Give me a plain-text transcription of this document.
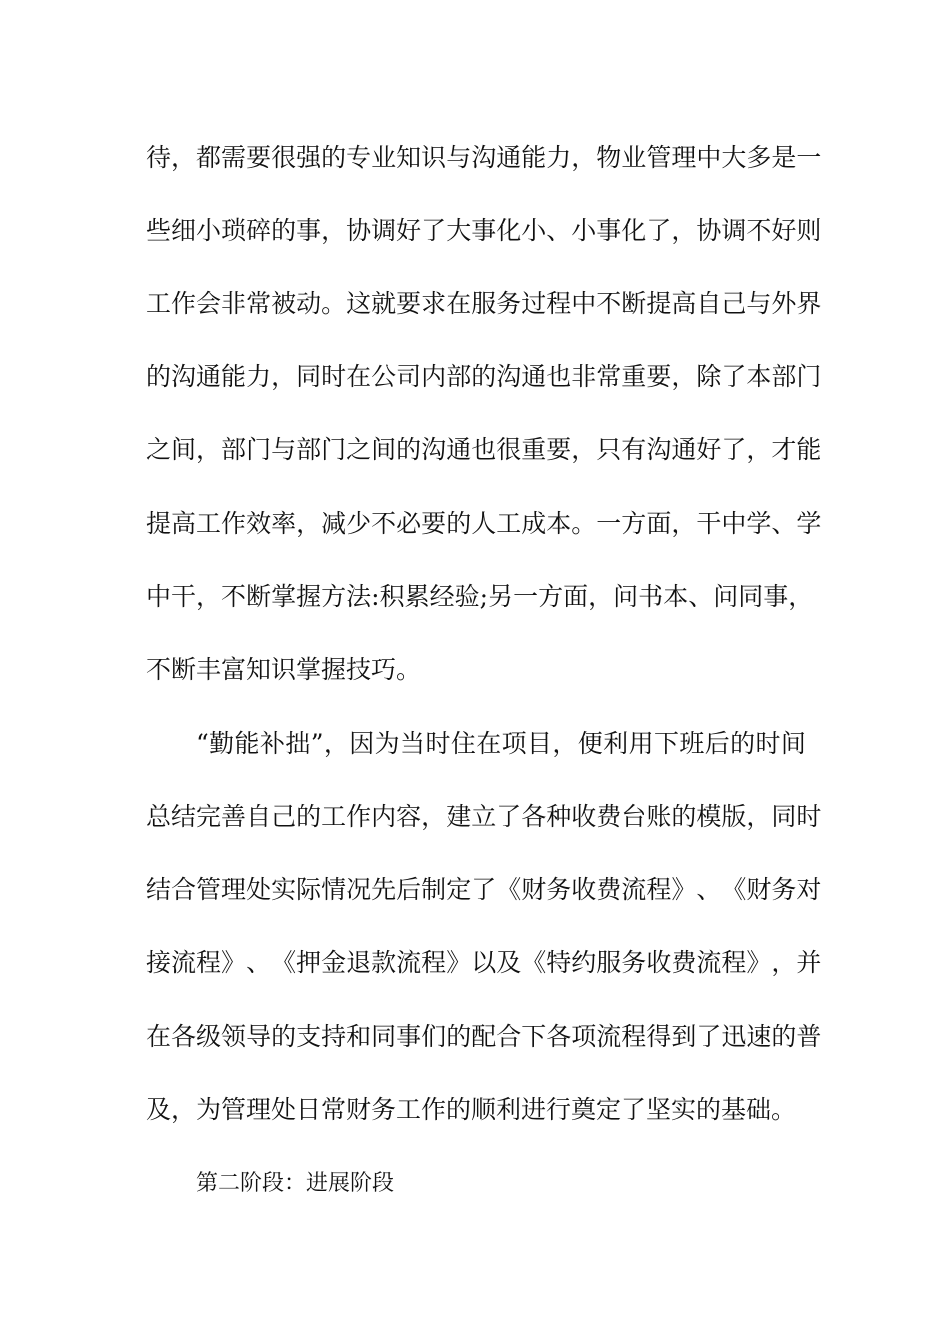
待 ， 都 需 要 很 强 的 专 业 知 识 与 沟 通 能 力 ， 物 业 管 理 中 大 多 是 一
些 细 小 琐 碎 的 事 ， 协 调 好 了 大 事 化 小 、 小 事 化 了 ， 协 调 不 好 则
工 作 会 非 常 被 动 。 这 就 要 求 在 服 务 过 程 中 不 断 提 高 自 己 与 外 界
的 沟 通 能 力 ， 同 时 在 公 司 内 部 的 沟 通 也 非 常 重 要 ， 除 了 本 部 门
之 间 ， 部 门 与 部 门 之 间 的 沟 通 也 很 重 要 ， 只 有 沟 通 好 了 ， 才 能
提 高 工 作 效 率 ， 减 少 不 必 要 的 人 工 成 本 。 一 方 面 ， 干 中 学 、 学
中 干 ， 不 断 掌 握 方 法 : 积 累 经 验 ; 另 一 方 面 ， 问 书 本 、 问 同 事 ，
不断丰富知识掌握技巧。
“ 勤 能 补 拙 ” ， 因 为 当 时 住 在 项 目 ， 便 利 用 下 班 后 的 时 间
总 结 完 善 自 己 的 工 作 内 容 ， 建 立 了 各 种 收 费 台 账 的 模 版 ， 同 时
结 合 管 理 处 实 际 情 况 先 后 制 定 了 《 财 务 收 费 流 程 》 、 《 财 务 对
接 流 程 》 、 《 押 金 退 款 流 程 》 以 及 《 特 约 服 务 收 费 流 程 》 ， 并
在 各 级 领 导 的 支 持 和 同 事 们 的 配 合 下 各 项 流 程 得 到 了 迅 速 的 普
及，为管理处日常财务工作的顺利进行奠定了坚实的基础。
第二阶段：进展阶段
